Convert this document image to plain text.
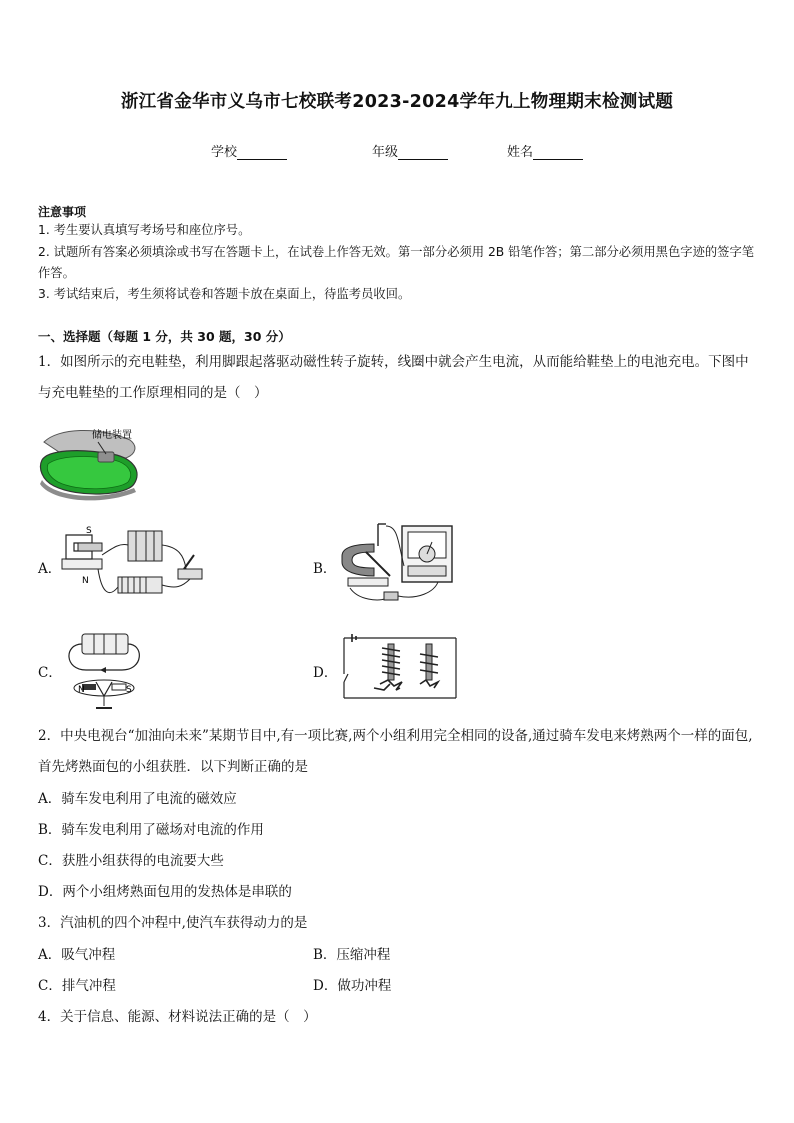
浙江省金华市义乌市七校联考2023-2024学年九上物理期末检测试题
学校	年级	姓名
注意事项
1. 考生要认真填写考场号和座位序号。
2. 试题所有答案必须填涂或书写在答题卡上，在试卷上作答无效。第一部分必须用 2B 铅笔作答；第二部分必须用黑色字迹的签字笔作答。
3. 考试结束后，考生须将试卷和答题卡放在桌面上，待监考员收回。
一、选择题（每题 1 分，共 30 题，30 分）
1．如图所示的充电鞋垫，利用脚跟起落驱动磁性转子旋转，线圈中就会产生电流，从而能给鞋垫上的电池充电。下图中与充电鞋垫的工作原理相同的是（　）
储电装置
A．
S
N
B．
C．
N	S
D．
2．中央电视台“加油向未来”某期节目中,有一项比赛,两个小组利用完全相同的设备,通过骑车发电来烤熟两个一样的面包,首先烤熟面包的小组获胜．以下判断正确的是
A．骑车发电利用了电流的磁效应
B．骑车发电利用了磁场对电流的作用
C．获胜小组获得的电流要大些
D．两个小组烤熟面包用的发热体是串联的
3．汽油机的四个冲程中,使汽车获得动力的是
A．吸气冲程	B．压缩冲程
C．排气冲程	D．做功冲程
4．关于信息、能源、材料说法正确的是（　）
